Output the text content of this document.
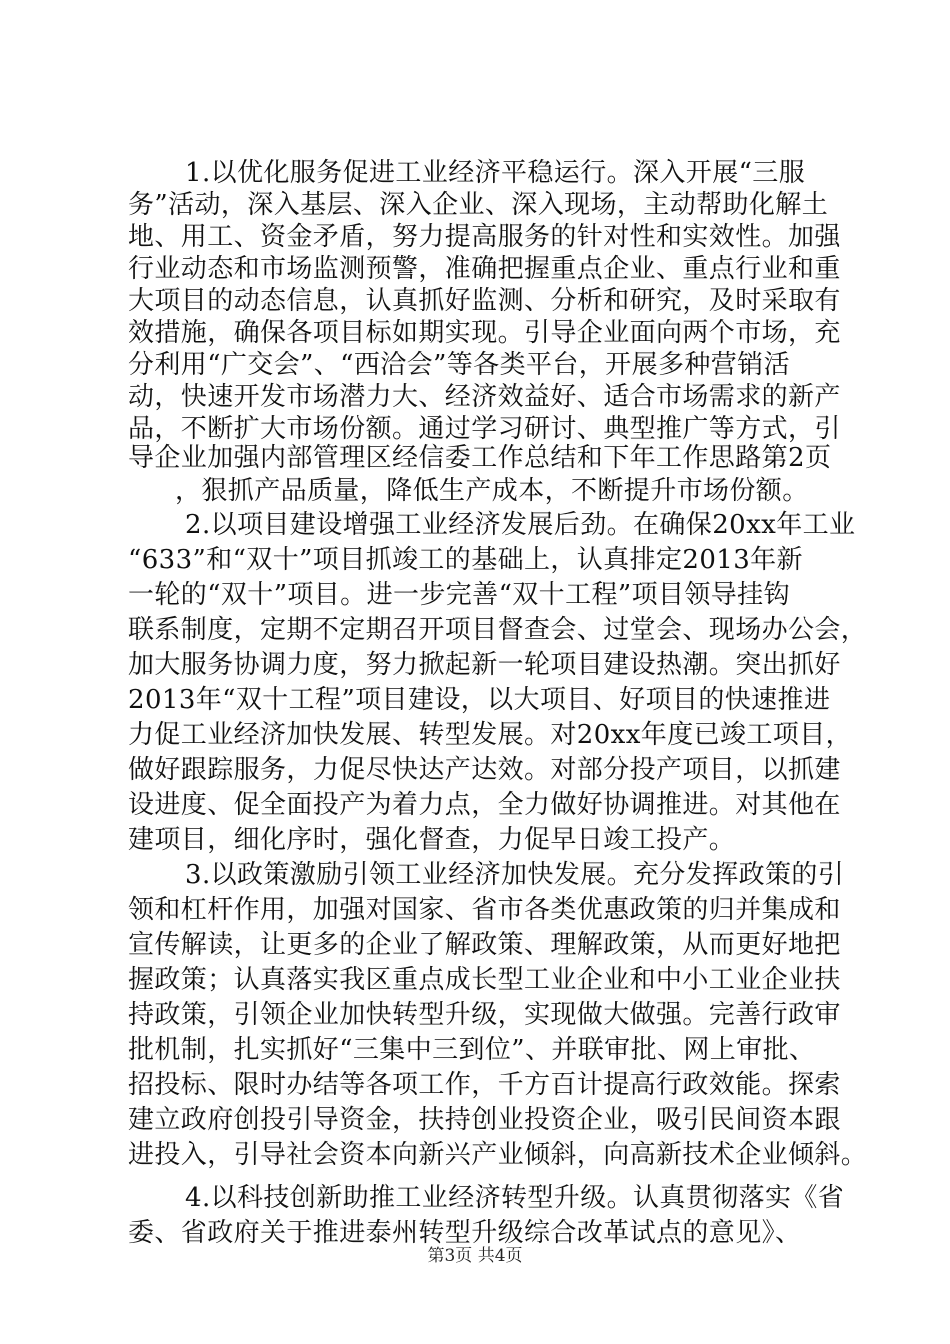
1.以优化服务促进工业经济平稳运行。深入开展“三服
务”活动，深入基层、深入企业、深入现场，主动帮助化解土
地、用工、资金矛盾，努力提高服务的针对性和实效性。加强
行业动态和市场监测预警，准确把握重点企业、重点行业和重
大项目的动态信息，认真抓好监测、分析和研究，及时采取有
效措施，确保各项目标如期实现。引导企业面向两个市场，充
分利用“广交会”、“西洽会”等各类平台，开展多种营销活
动，快速开发市场潜力大、经济效益好、适合市场需求的新产
品，不断扩大市场份额。通过学习研讨、典型推广等方式，引
导企业加强内部管理区经信委工作总结和下年工作思路第2页
，狠抓产品质量，降低生产成本，不断提升市场份额。
2.以项目建设增强工业经济发展后劲。在确保20xx年工业
“633”和“双十”项目抓竣工的基础上，认真排定2013年新
一轮的“双十”项目。进一步完善“双十工程”项目领导挂钩
联系制度，定期不定期召开项目督查会、过堂会、现场办公会，
加大服务协调力度，努力掀起新一轮项目建设热潮。突出抓好
2013年“双十工程”项目建设，以大项目、好项目的快速推进
力促工业经济加快发展、转型发展。对20xx年度已竣工项目，
做好跟踪服务，力促尽快达产达效。对部分投产项目，以抓建
设进度、促全面投产为着力点，全力做好协调推进。对其他在
建项目，细化序时，强化督查，力促早日竣工投产。
3.以政策激励引领工业经济加快发展。充分发挥政策的引
领和杠杆作用，加强对国家、省市各类优惠政策的归并集成和
宣传解读，让更多的企业了解政策、理解政策，从而更好地把
握政策；认真落实我区重点成长型工业企业和中小工业企业扶
持政策，引领企业加快转型升级，实现做大做强。完善行政审
批机制，扎实抓好“三集中三到位”、并联审批、网上审批、
招投标、限时办结等各项工作，千方百计提高行政效能。探索
建立政府创投引导资金，扶持创业投资企业，吸引民间资本跟
进投入，引导社会资本向新兴产业倾斜，向高新技术企业倾斜。
4.以科技创新助推工业经济转型升级。认真贯彻落实《省
委、省政府关于推进泰州转型升级综合改革试点的意见》、
第3页 共4页
